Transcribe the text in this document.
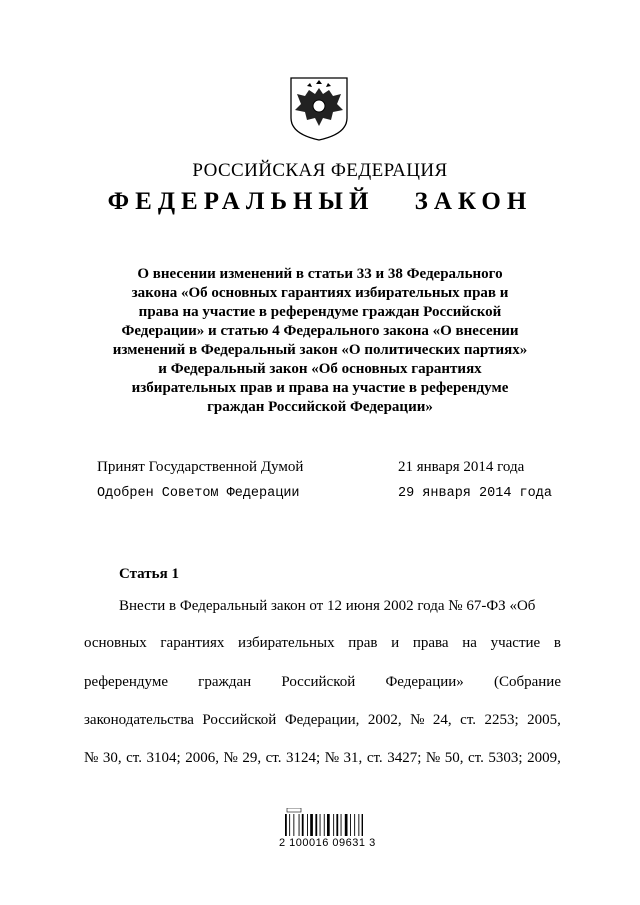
РОССИЙСКАЯ ФЕДЕРАЦИЯ
ФЕДЕРАЛЬНЫЙ ЗАКОН
О внесении изменений в статьи 33 и 38 Федерального
закона «Об основных гарантиях избирательных прав и
права на участие в референдуме граждан Российской
Федерации» и статью 4 Федерального закона «О внесении
изменений в Федеральный закон «О политических партиях»
и Федеральный закон «Об основных гарантиях
избирательных прав и права на участие в референдуме
граждан Российской Федерации»
Принят Государственной Думой	21 января 2014 года
Одобрен Советом Федерации	29 января 2014 года
Статья 1
Внести в Федеральный закон от 12 июня 2002 года № 67-ФЗ «Об
основных гарантиях избирательных прав и права на участие в
референдуме граждан Российской Федерации» (Собрание
законодательства Российской Федерации, 2002, № 24, ст. 2253; 2005,
№ 30, ст. 3104; 2006, № 29, ст. 3124; № 31, ст. 3427; № 50, ст. 5303; 2009,
2 100016 09631 3
